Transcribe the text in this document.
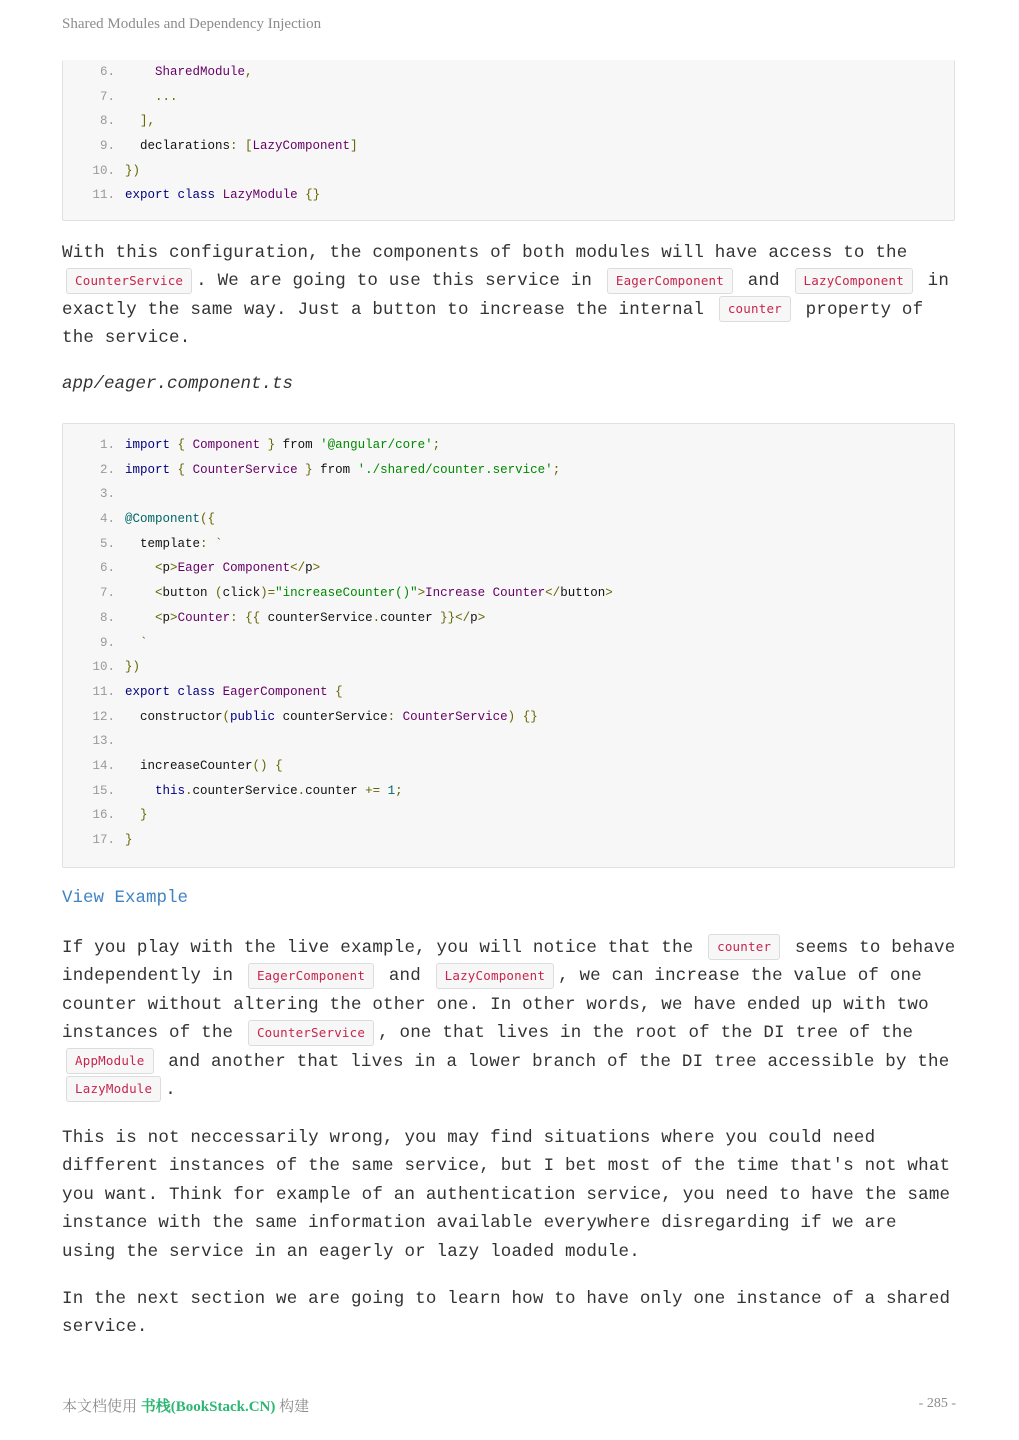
Shared Modules and Dependency Injection
6.	SharedModule,
7.	...
8. ],
9.  declarations: [LazyComponent]
10. })
11. export class LazyModule {}

With this configuration, the components of both modules will have access to the CounterService . We are going to use this service in EagerComponent and LazyComponent in exactly the same way. Just a button to increase the internal counter property of the service.

app/eager.component.ts

1. import { Component } from '@angular/core';
2. import { CounterService } from './shared/counter.service';
3.
4. @Component({
5.  template: `
6.	<p>Eager Component</p>
7.	<button (click)="increaseCounter()">Increase Counter</button>
8.	<p>Counter: {{ counterService.counter }}</p>
9. `
10. })
11. export class EagerComponent {
12.  constructor(public counterService: CounterService) {}
13.
14.  increaseCounter() {
15.	this.counterService.counter += 1;
16. }
17. }
View Example

If you play with the live example, you will notice that the counter seems to behave independently in EagerComponent and LazyComponent , we can increase the value of one counter without altering the other one. In other words, we have ended up with two instances of the CounterService , one that lives in the root of the DI tree of the AppModule and another that lives in a lower branch of the DI tree accessible by the LazyModule .

This is not neccessarily wrong, you may find situations where you could need different instances of the same service, but I bet most of the time that's not what you want. Think for example of an authentication service, you need to have the same instance with the same information available everywhere disregarding if we are using the service in an eagerly or lazy loaded module.

In the next section we are going to learn how to have only one instance of a shared service.

本文档使用 书栈(BookStack.CN) 构建	- 285 -
